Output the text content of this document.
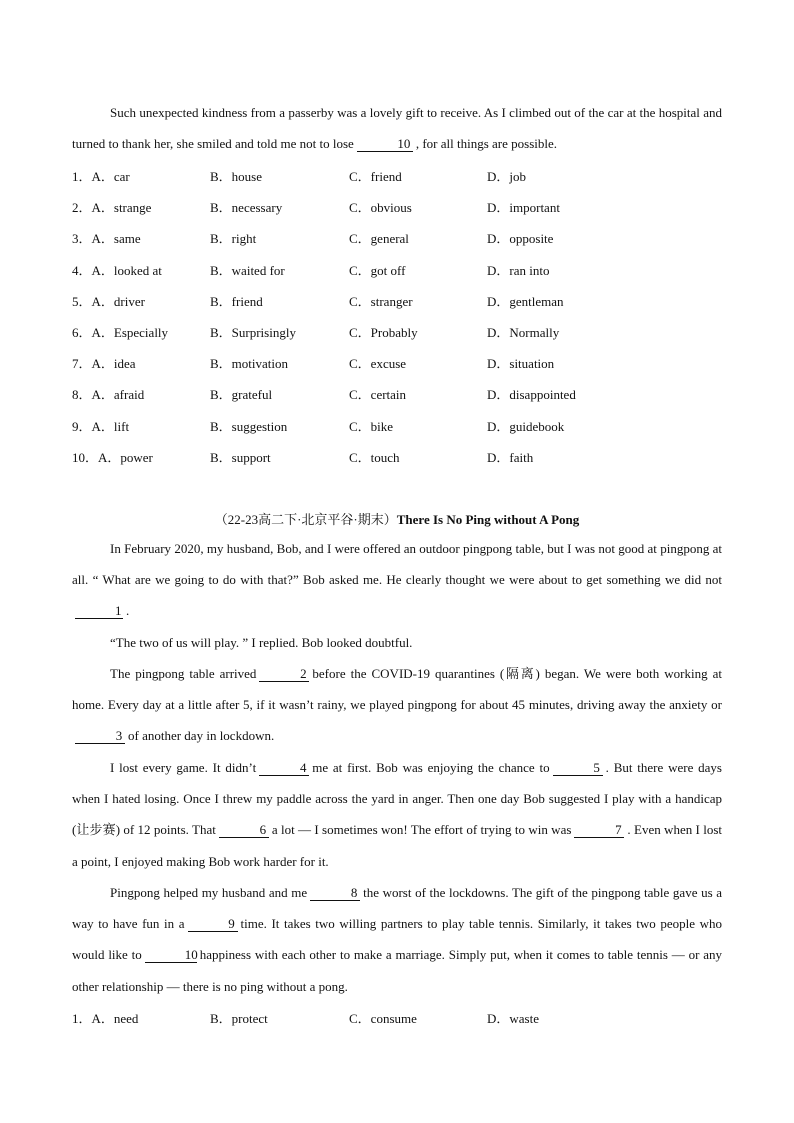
Such unexpected kindness from a passerby was a lovely gift to receive. As I climbed out of the car at the hospital and turned to thank her, she smiled and told me not to lose	10 , for all things are possible.

1．A．car	B．house	C．friend	D．job
2．A．strange	B．necessary	C．obvious	D．important
3．A．same	B．right	C．general	D．opposite
4．A．looked at	B．waited for	C．got off	D．ran into
5．A．driver	B．friend	C．stranger	D．gentleman
6．A．Especially	B．Surprisingly	C．Probably	D．Normally
7．A．idea	B．motivation	C．excuse	D．situation
8．A．afraid	B．grateful	C．certain	D．disappointed
9．A．lift	B．suggestion	C．bike	D．guidebook
10．A．power	B．support	C．touch	D．faith
（22-23高二下·北京平谷·期末）There Is No Ping without A Pong

In February 2020, my husband, Bob, and I were offered an outdoor pingpong table, but I was not good at pingpong at all. “ What are we going to do with that?” Bob asked me. He clearly thought we were about to get something we did not1 .

“The two of us will play. ” I replied. Bob looked doubtful.

The pingpong table arrived	2 before the COVID-19 quarantines (隔离) began. We were both working at home. Every day at a little after 5, if it wasn’t rainy, we played pingpong for about 45 minutes, driving away the anxiety or3 of another day in lockdown.

I lost every game. It didn’t	4 me at first. Bob was enjoying the chance to	5 . But there were days when I hated losing. Once I threw my paddle across the yard in anger. Then one day Bob suggested I play with a handicap (让步赛) of 12 points. That	6 a lot — I sometimes won! The effort of trying to win was	7 . Even when I lost a point, I enjoyed making Bob work harder for it.

Pingpong helped my husband and me	8 the worst of the lockdowns. The gift of the pingpong table gave us a way to have fun in a	9 time. It takes two willing partners to play table tennis. Similarly, it takes two people who would like to	10 happiness with each other to make a marriage. Simply put, when it comes to table tennis — or any other relationship — there is no ping without a pong.

1．A．need	B．protect	C．consume	D．waste
